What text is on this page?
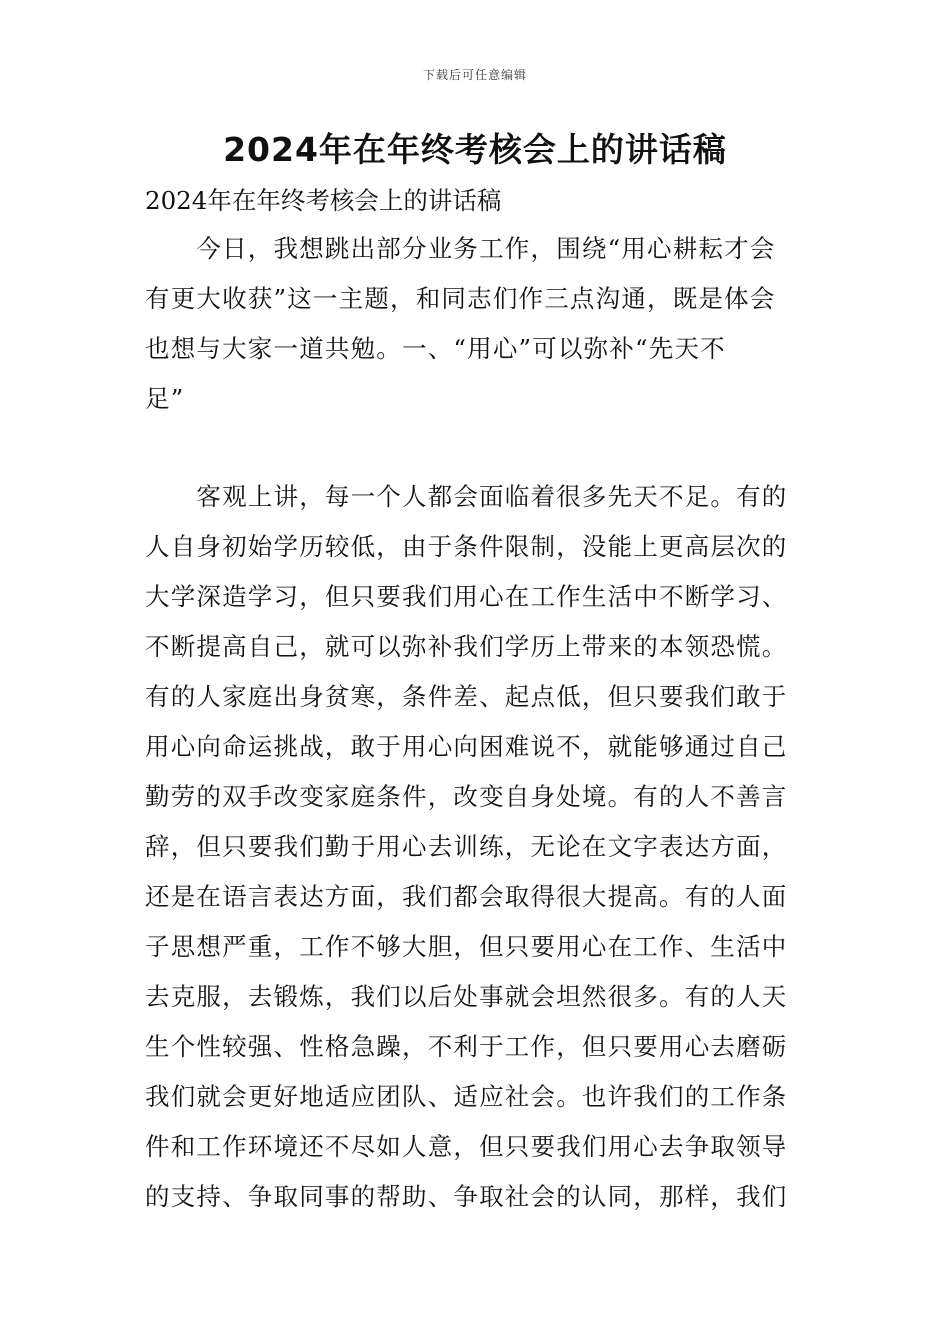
下载后可任意编辑
2024年在年终考核会上的讲话稿

2024年在年终考核会上的讲话稿

　　今日，我想跳出部分业务工作，围绕“用心耕耘才会
有更大收获”这一主题，和同志们作三点沟通，既是体会
也想与大家一道共勉。一、“用心”可以弥补“先天不
足”
　　客观上讲，每一个人都会面临着很多先天不足。有的
人自身初始学历较低，由于条件限制，没能上更高层次的
大学深造学习，但只要我们用心在工作生活中不断学习、
不断提高自己，就可以弥补我们学历上带来的本领恐慌。
有的人家庭出身贫寒，条件差、起点低，但只要我们敢于
用心向命运挑战，敢于用心向困难说不，就能够通过自己
勤劳的双手改变家庭条件，改变自身处境。有的人不善言
辞，但只要我们勤于用心去训练，无论在文字表达方面，
还是在语言表达方面，我们都会取得很大提高。有的人面
子思想严重，工作不够大胆，但只要用心在工作、生活中
去克服，去锻炼，我们以后处事就会坦然很多。有的人天
生个性较强、性格急躁，不利于工作，但只要用心去磨砺
我们就会更好地适应团队、适应社会。也许我们的工作条
件和工作环境还不尽如人意，但只要我们用心去争取领导
的支持、争取同事的帮助、争取社会的认同，那样，我们
